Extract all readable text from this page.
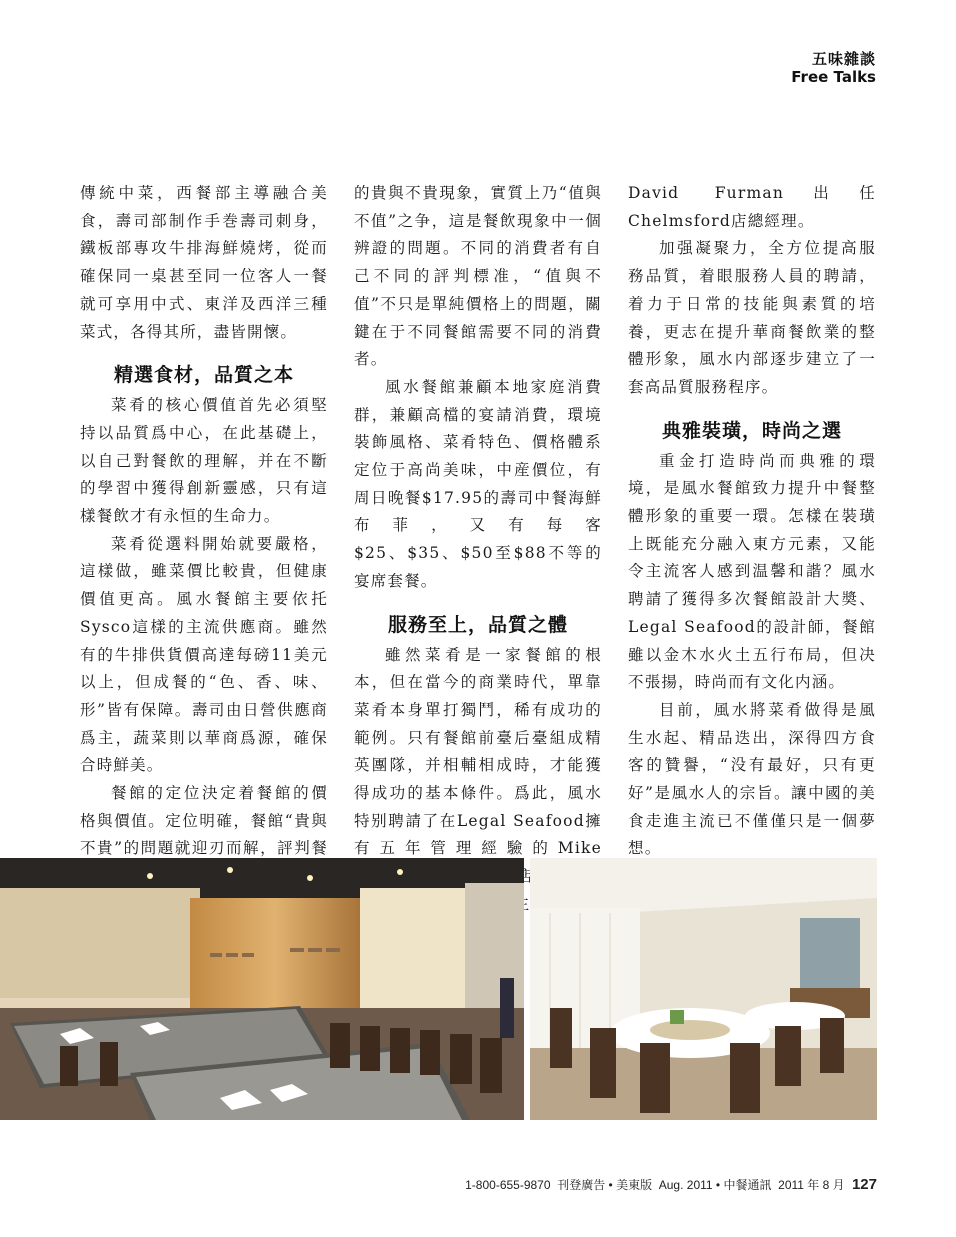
五味雜談
Free Talks

傳統中菜，西餐部主導融合美食，壽司部制作手巻壽司刺身，鐵板部專攻牛排海鮮燒烤，從而確保同一桌甚至同一位客人一餐就可享用中式、東洋及西洋三種菜式，各得其所，盡皆開懷。

精選食材，品質之本

菜肴的核心價值首先必須堅持以品質爲中心，在此基礎上，以自己對餐飲的理解，并在不斷的學習中獲得創新靈感，只有這樣餐飲才有永恒的生命力。

菜肴從選料開始就要嚴格，這樣做，雖菜價比較貴，但健康價值更高。風水餐館主要依托Sysco這樣的主流供應商。雖然有的牛排供貨價高達每磅11美元以上，但成餐的“色、香、味、形”皆有保障。壽司由日營供應商爲主，蔬菜則以華商爲源，確保合時鮮美。

餐館的定位決定着餐館的價格與價值。定位明確，餐館“貴與不貴”的問題就迎刃而解，評判餐

的貴與不貴現象，實質上乃“值與不值”之争，這是餐飲現象中一個辨證的問題。不同的消費者有自己不同的評判標准，“值與不值”不只是單純價格上的問題，關鍵在于不同餐館需要不同的消費者。

風水餐館兼顧本地家庭消費群，兼顧高檔的宴請消費，環境裝飾風格、菜肴特色、價格體系定位于高尚美味，中産價位，有周日晚餐$17.95的壽司中餐海鮮布菲，又有每客$25、$35、$50至$88不等的宴席套餐。

服務至上，品質之體

雖然菜肴是一家餐館的根本，但在當今的商業時代，單靠菜肴本身單打獨鬥，稀有成功的範例。只有餐館前臺后臺組成精英團隊，并相輔相成時，才能獲得成功的基本條件。爲此，風水特别聘請了在Legal Seafood擁有五年管理經驗的Mike

David Furman出任Chelmsford店總經理。

加强凝聚力，全方位提高服務品質，着眼服務人員的聘請，着力于日常的技能與素質的培養，更志在提升華商餐飲業的整體形象，風水内部逐步建立了一套高品質服務程序。

典雅裝璜，時尚之選

重金打造時尚而典雅的環境，是風水餐館致力提升中餐整體形象的重要一環。怎樣在裝璜上既能充分融入東方元素，又能令主流客人感到温馨和諧？風水聘請了獲得多次餐館設計大奬、Legal Seafood的設計師，餐館雖以金木水火土五行布局，但决不張揚，時尚而有文化内涵。

目前，風水將菜肴做得是風生水起、精品迭出，深得四方食客的贊譽，“没有最好，只有更好”是風水人的宗旨。讓中國的美食走進主流已不僅僅只是一個夢想。

1-800-655-9870 刊登廣告 • 美東版 Aug. 2011 • 中餐通訊 2011 年 8 月 127
